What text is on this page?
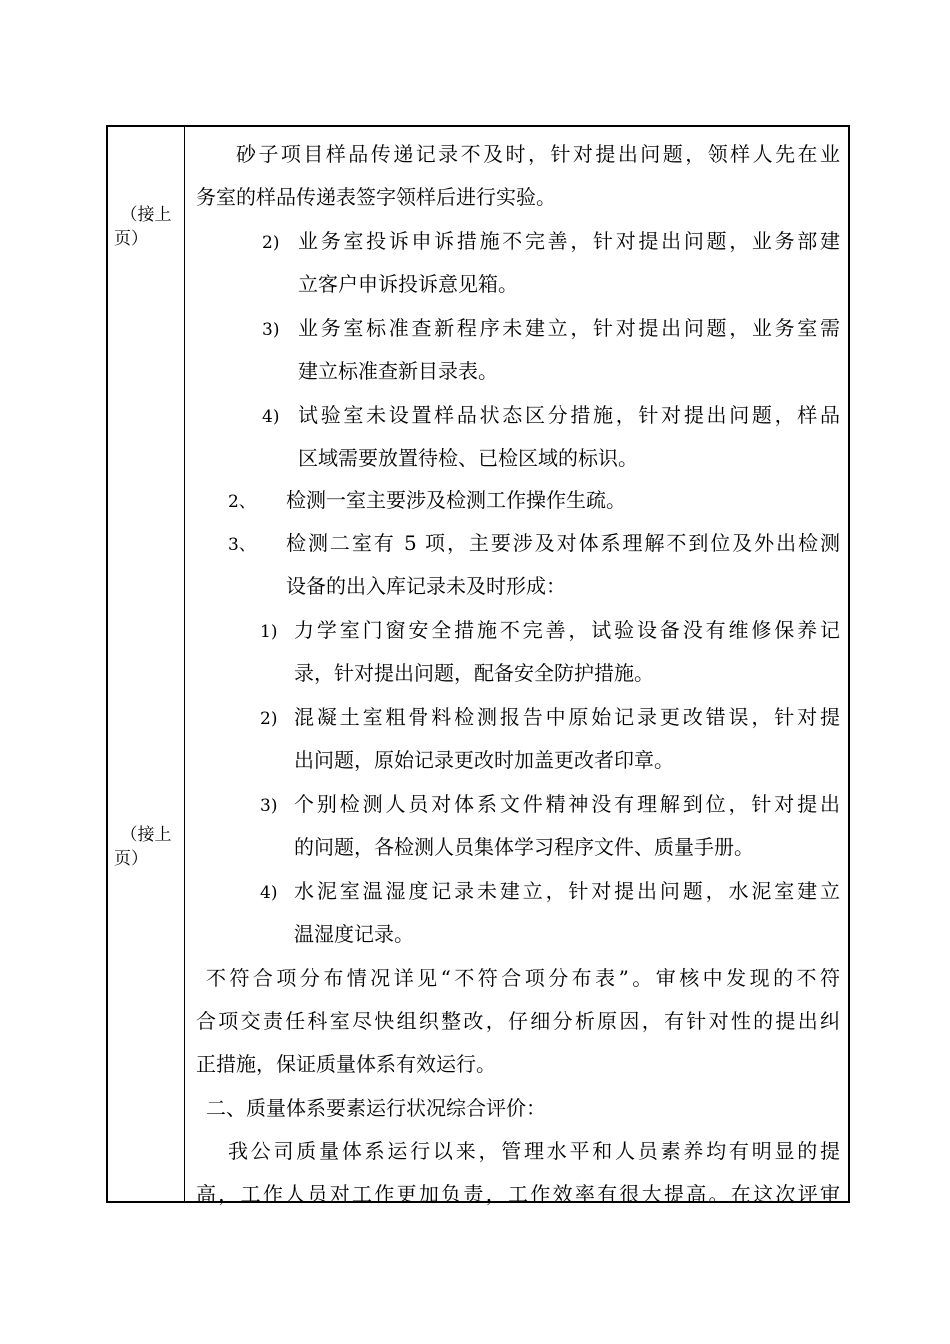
（接上
页）
（接上
页）
砂子项目样品传递记录不及时，针对提出问题，领样人先在业
务室的样品传递表签字领样后进行实验。
2) 业务室投诉申诉措施不完善，针对提出问题，业务部建
立客户申诉投诉意见箱。
3) 业务室标准查新程序未建立，针对提出问题，业务室需
建立标准查新目录表。
4) 试验室未设置样品状态区分措施，针对提出问题，样品
区域需要放置待检、已检区域的标识。
2、 检测一室主要涉及检测工作操作生疏。
3、 检测二室有 5 项，主要涉及对体系理解不到位及外出检测
设备的出入库记录未及时形成：
1) 力学室门窗安全措施不完善，试验设备没有维修保养记
录，针对提出问题，配备安全防护措施。
2) 混凝土室粗骨料检测报告中原始记录更改错误，针对提
出问题，原始记录更改时加盖更改者印章。
3) 个别检测人员对体系文件精神没有理解到位，针对提出
的问题，各检测人员集体学习程序文件、质量手册。
4) 水泥室温湿度记录未建立，针对提出问题，水泥室建立
温湿度记录。
不符合项分布情况详见“不符合项分布表”。审核中发现的不符
合项交责任科室尽快组织整改，仔细分析原因，有针对性的提出纠
正措施，保证质量体系有效运行。
二、质量体系要素运行状况综合评价：
我公司质量体系运行以来，管理水平和人员素养均有明显的提
高，工作人员对工作更加负责，工作效率有很大提高。在这次评审
